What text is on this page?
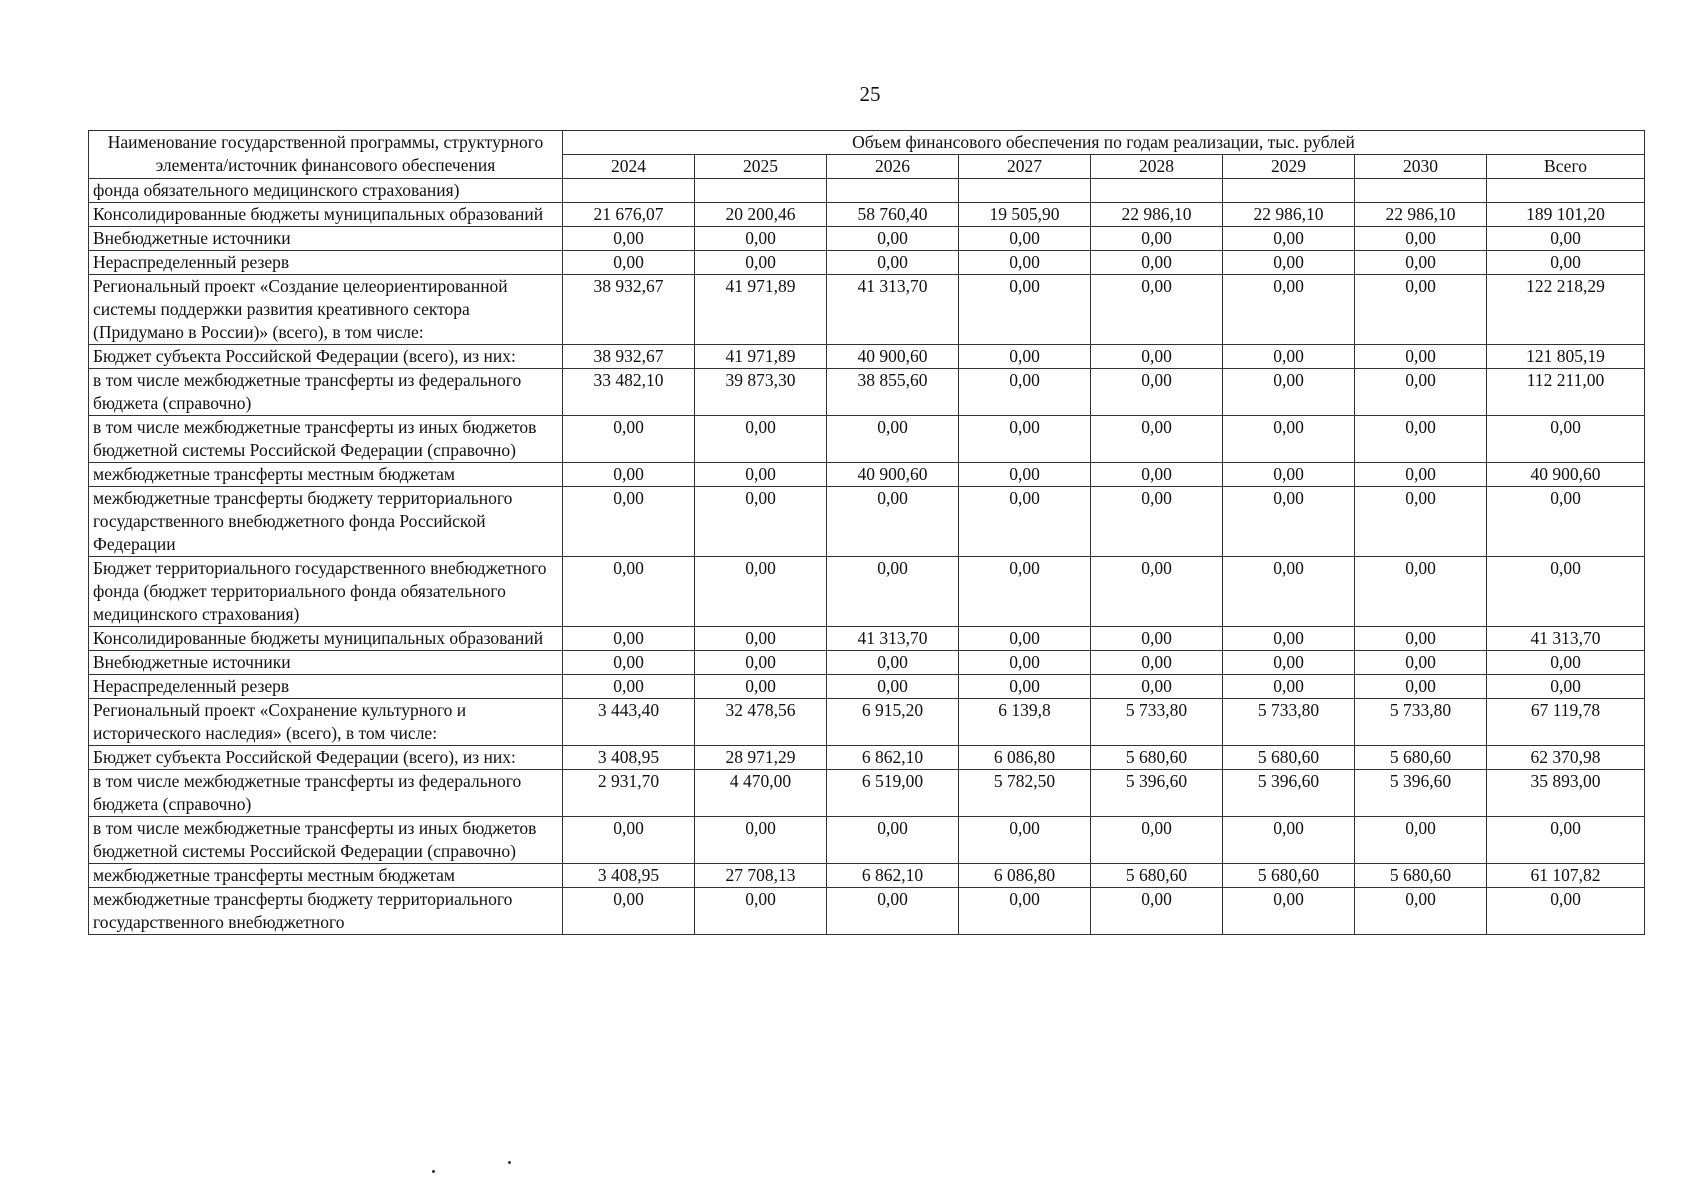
25
Наименование государственной программы, структурного элемента/источник финансового обеспечения	Объем финансового обеспечения по годам реализации, тыс. рублей							
	2024	2025	2026	2027	2028	2029	2030	Всего
фонда обязательного медицинского страхования)								
Консолидированные бюджеты муниципальных образований	21 676,07	20 200,46	58 760,40	19 505,90	22 986,10	22 986,10	22 986,10	189 101,20
Внебюджетные источники	0,00	0,00	0,00	0,00	0,00	0,00	0,00	0,00
Нераспределенный резерв	0,00	0,00	0,00	0,00	0,00	0,00	0,00	0,00
Региональный проект «Создание целеориентированной системы поддержки развития креативного сектора (Придумано в России)» (всего), в том числе:	38 932,67	41 971,89	41 313,70	0,00	0,00	0,00	0,00	122 218,29
Бюджет субъекта Российской Федерации (всего), из них:	38 932,67	41 971,89	40 900,60	0,00	0,00	0,00	0,00	121 805,19
в том числе межбюджетные трансферты из федерального бюджета (справочно)	33 482,10	39 873,30	38 855,60	0,00	0,00	0,00	0,00	112 211,00
в том числе межбюджетные трансферты из иных бюджетов бюджетной системы Российской Федерации (справочно)	0,00	0,00	0,00	0,00	0,00	0,00	0,00	0,00
межбюджетные трансферты местным бюджетам	0,00	0,00	40 900,60	0,00	0,00	0,00	0,00	40 900,60
межбюджетные трансферты бюджету территориального государственного внебюджетного фонда Российской Федерации	0,00	0,00	0,00	0,00	0,00	0,00	0,00	0,00
Бюджет территориального государственного внебюджетного фонда (бюджет территориального фонда обязательного медицинского страхования)	0,00	0,00	0,00	0,00	0,00	0,00	0,00	0,00
Консолидированные бюджеты муниципальных образований	0,00	0,00	41 313,70	0,00	0,00	0,00	0,00	41 313,70
Внебюджетные источники	0,00	0,00	0,00	0,00	0,00	0,00	0,00	0,00
Нераспределенный резерв	0,00	0,00	0,00	0,00	0,00	0,00	0,00	0,00
Региональный проект «Сохранение культурного и исторического наследия» (всего), в том числе:	3 443,40	32 478,56	6 915,20	6 139,8	5 733,80	5 733,80	5 733,80	67 119,78
Бюджет субъекта Российской Федерации (всего), из них:	3 408,95	28 971,29	6 862,10	6 086,80	5 680,60	5 680,60	5 680,60	62 370,98
в том числе межбюджетные трансферты из федерального бюджета (справочно)	2 931,70	4 470,00	6 519,00	5 782,50	5 396,60	5 396,60	5 396,60	35 893,00
в том числе межбюджетные трансферты из иных бюджетов бюджетной системы Российской Федерации (справочно)	0,00	0,00	0,00	0,00	0,00	0,00	0,00	0,00
межбюджетные трансферты местным бюджетам	3 408,95	27 708,13	6 862,10	6 086,80	5 680,60	5 680,60	5 680,60	61 107,82
межбюджетные трансферты бюджету территориального государственного внебюджетного	0,00	0,00	0,00	0,00	0,00	0,00	0,00	0,00
